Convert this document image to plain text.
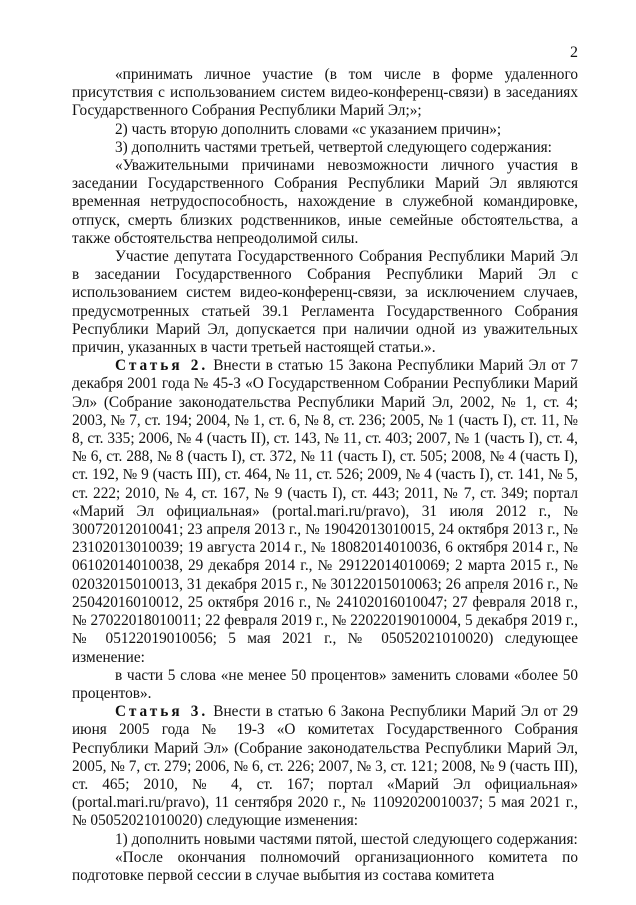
2

«принимать личное участие (в том числе в форме удаленного присутствия с использованием систем видео-конференц-связи) в заседаниях Государственного Собрания Республики Марий Эл;»;

2) часть вторую дополнить словами «с указанием причин»;

3) дополнить частями третьей, четвертой следующего содержания:

«Уважительными причинами невозможности личного участия в заседании Государственного Собрания Республики Марий Эл являются временная нетрудоспособность, нахождение в служебной командировке, отпуск, смерть близких родственников, иные семейные обстоятельства, а также обстоятельства непреодолимой силы.

Участие депутата Государственного Собрания Республики Марий Эл в заседании Государственного Собрания Республики Марий Эл с использованием систем видео-конференц-связи, за исключением случаев, предусмотренных статьей 39.1 Регламента Государственного Собрания Республики Марий Эл, допускается при наличии одной из уважительных причин, указанных в части третьей настоящей статьи.».

Статья 2. Внести в статью 15 Закона Республики Марий Эл от 7 декабря 2001 года № 45-З «О Государственном Собрании Республики Марий Эл» (Собрание законодательства Республики Марий Эл, 2002, № 1, ст. 4; 2003, № 7, ст. 194; 2004, № 1, ст. 6, № 8, ст. 236; 2005, № 1 (часть I), ст. 11, № 8, ст. 335; 2006, № 4 (часть II), ст. 143, № 11, ст. 403; 2007, № 1 (часть I), ст. 4, № 6, ст. 288, № 8 (часть I), ст. 372, № 11 (часть I), ст. 505; 2008, № 4 (часть I), ст. 192, № 9 (часть III), ст. 464, № 11, ст. 526; 2009, № 4 (часть I), ст. 141, № 5, ст. 222; 2010, № 4, ст. 167, № 9 (часть I), ст. 443; 2011, № 7, ст. 349; портал «Марий Эл официальная» (portal.mari.ru/pravo), 31 июля 2012 г., № 30072012010041; 23 апреля 2013 г., № 19042013010015, 24 октября 2013 г., № 23102013010039; 19 августа 2014 г., № 18082014010036, 6 октября 2014 г., № 06102014010038, 29 декабря 2014 г., № 29122014010069; 2 марта 2015 г., № 02032015010013, 31 декабря 2015 г., № 30122015010063; 26 апреля 2016 г., № 25042016010012, 25 октября 2016 г., № 24102016010047; 27 февраля 2018 г., № 27022018010011; 22 февраля 2019 г., № 22022019010004, 5 декабря 2019 г., № 05122019010056; 5 мая 2021 г., № 05052021010020) следующее изменение:

в части 5 слова «не менее 50 процентов» заменить словами «более 50 процентов».

Статья 3. Внести в статью 6 Закона Республики Марий Эл от 29 июня 2005 года № 19-З «О комитетах Государственного Собрания Республики Марий Эл» (Собрание законодательства Республики Марий Эл, 2005, № 7, ст. 279; 2006, № 6, ст. 226; 2007, № 3, ст. 121; 2008, № 9 (часть III), ст. 465; 2010, № 4, ст. 167; портал «Марий Эл официальная» (portal.mari.ru/pravo), 11 сентября 2020 г., № 11092020010037; 5 мая 2021 г., № 05052021010020) следующие изменения:

1) дополнить новыми частями пятой, шестой следующего содержания:

«После окончания полномочий организационного комитета по подготовке первой сессии в случае выбытия из состава комитета
